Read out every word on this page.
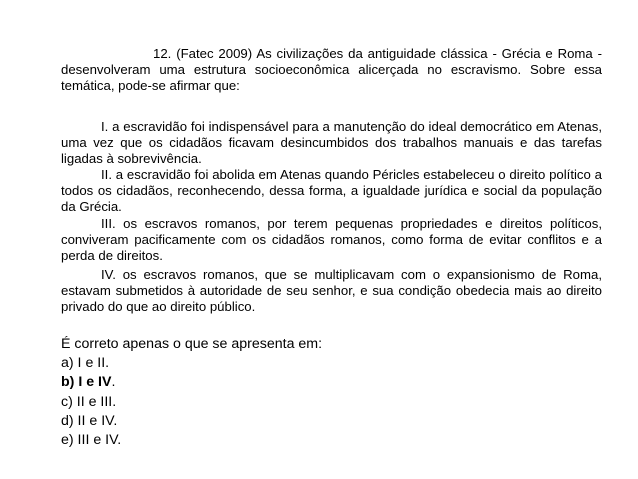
12. (Fatec 2009) As civilizações da antiguidade clássica - Grécia e Roma - desenvolveram uma estrutura socioeconômica alicerçada no escravismo. Sobre essa temática, pode-se afirmar que:

I. a escravidão foi indispensável para a manutenção do ideal democrático em Atenas, uma vez que os cidadãos ficavam desincumbidos dos trabalhos manuais e das tarefas ligadas à sobrevivência.

II. a escravidão foi abolida em Atenas quando Péricles estabeleceu o direito político a todos os cidadãos, reconhecendo, dessa forma, a igualdade jurídica e social da população da Grécia.

III. os escravos romanos, por terem pequenas propriedades e direitos políticos, conviveram pacificamente com os cidadãos romanos, como forma de evitar conflitos e a perda de direitos.

IV. os escravos romanos, que se multiplicavam com o expansionismo de Roma, estavam submetidos à autoridade de seu senhor, e sua condição obedecia mais ao direito privado do que ao direito público.

É correto apenas o que se apresenta em:
a) I e II.
b) I e IV.
c) II e III.
d) II e IV.
e) III e IV.
